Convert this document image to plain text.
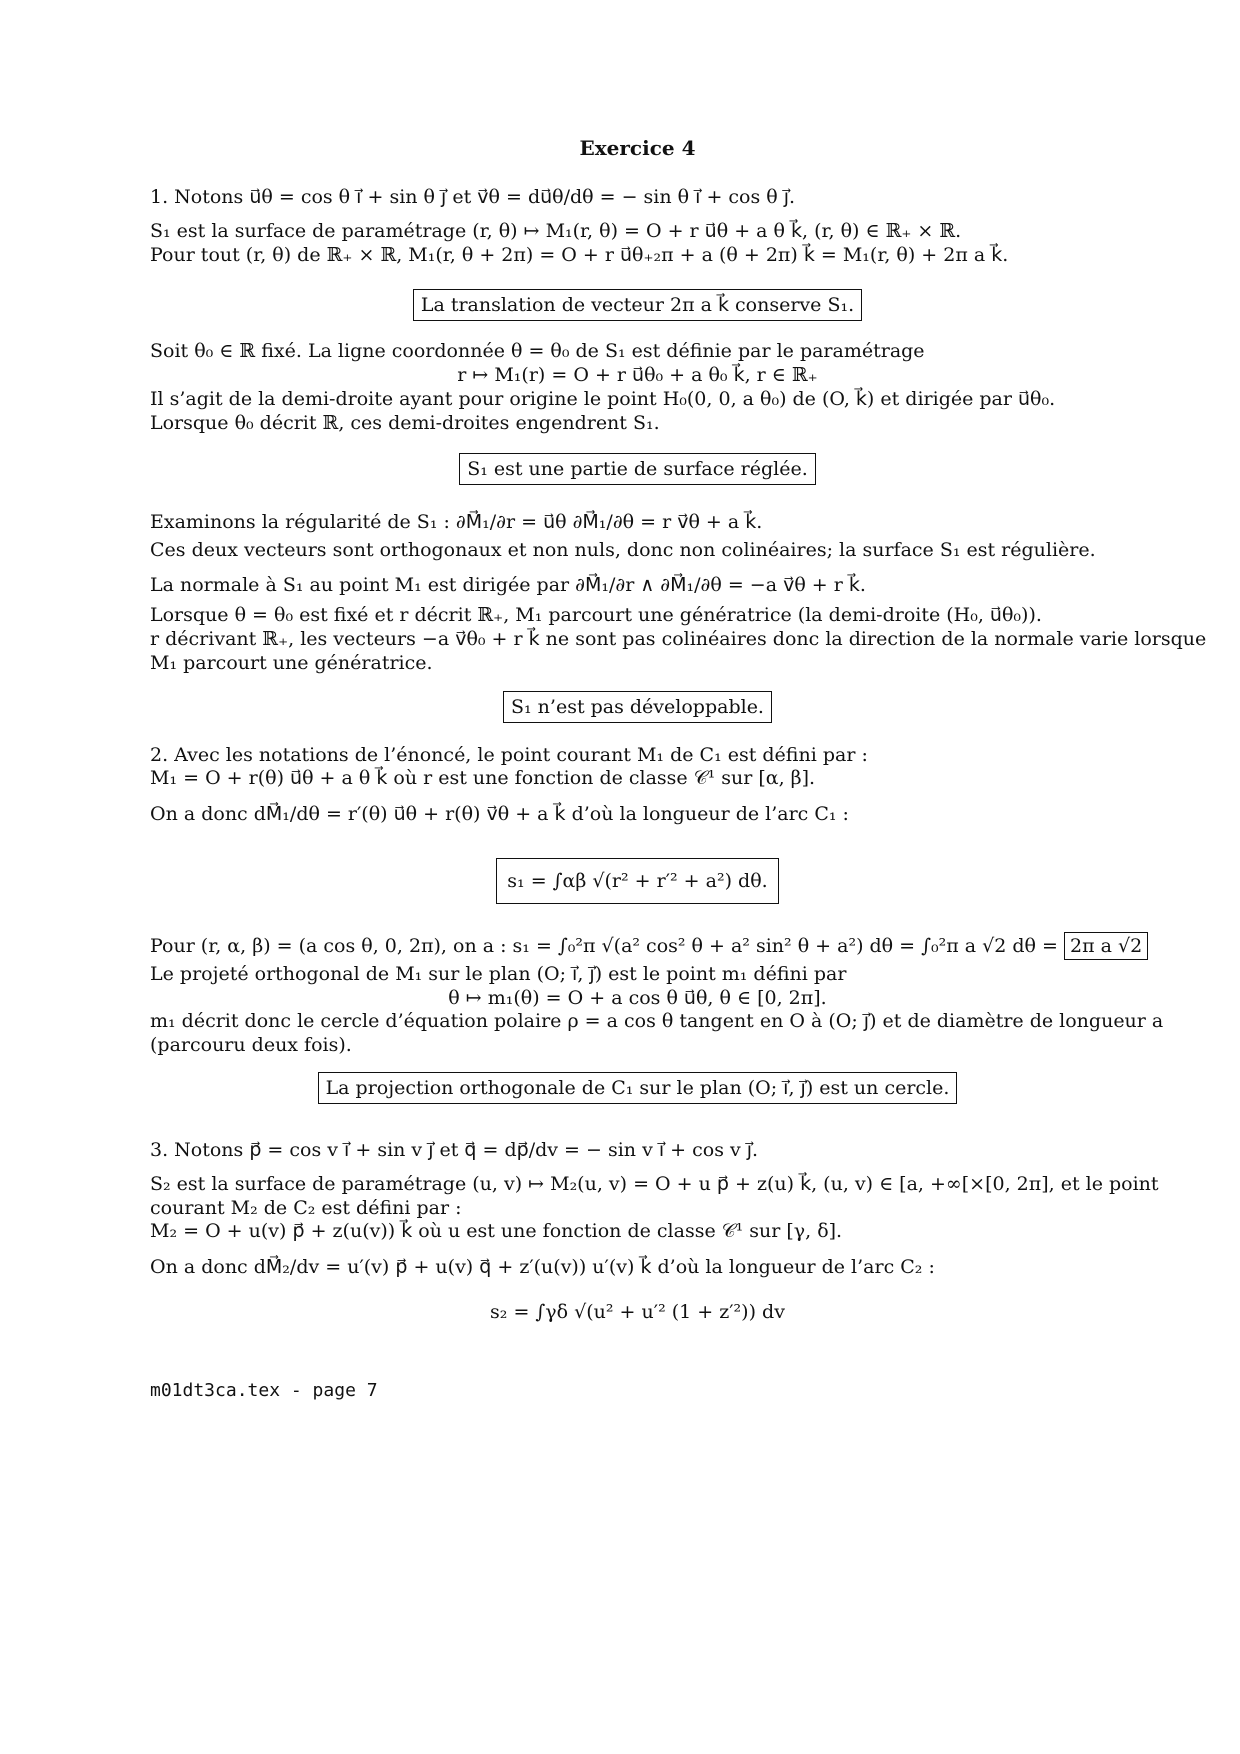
Exercice 4
1. Notons u⃗θ = cos θ ı⃗ + sin θ ȷ⃗ et v⃗θ = du⃗θ/dθ = − sin θ ı⃗ + cos θ ȷ⃗.
S₁ est la surface de paramétrage (r, θ) ↦ M₁(r, θ) = O + r u⃗θ + a θ k⃗, (r, θ) ∈ ℝ₊ × ℝ.
Pour tout (r, θ) de ℝ₊ × ℝ, M₁(r, θ + 2π) = O + r u⃗θ₊₂π + a (θ + 2π) k⃗ = M₁(r, θ) + 2π a k⃗.
La translation de vecteur 2π a k⃗ conserve S₁.
Soit θ₀ ∈ ℝ fixé. La ligne coordonnée θ = θ₀ de S₁ est définie par le paramétrage
r ↦ M₁(r) = O + r u⃗θ₀ + a θ₀ k⃗, r ∈ ℝ₊
Il s’agit de la demi-droite ayant pour origine le point H₀(0, 0, a θ₀) de (O, k⃗) et dirigée par u⃗θ₀.
Lorsque θ₀ décrit ℝ, ces demi-droites engendrent S₁.
S₁ est une partie de surface réglée.
Examinons la régularité de S₁ : ∂M⃗₁/∂r = u⃗θ ∂M⃗₁/∂θ = r v⃗θ + a k⃗.
Ces deux vecteurs sont orthogonaux et non nuls, donc non colinéaires; la surface S₁ est régulière.
La normale à S₁ au point M₁ est dirigée par ∂M⃗₁/∂r ∧ ∂M⃗₁/∂θ = −a v⃗θ + r k⃗.
Lorsque θ = θ₀ est fixé et r décrit ℝ₊, M₁ parcourt une génératrice (la demi-droite (H₀, u⃗θ₀)).
r décrivant ℝ₊, les vecteurs −a v⃗θ₀ + r k⃗ ne sont pas colinéaires donc la direction de la normale varie lorsque
M₁ parcourt une génératrice.
S₁ n’est pas développable.
2. Avec les notations de l’énoncé, le point courant M₁ de C₁ est défini par :
M₁ = O + r(θ) u⃗θ + a θ k⃗ où r est une fonction de classe 𝒞¹ sur [α, β].
On a donc dM⃗₁/dθ = r′(θ) u⃗θ + r(θ) v⃗θ + a k⃗ d’où la longueur de l’arc C₁ :
s₁ = ∫αβ √(r² + r′² + a²) dθ.
Pour (r, α, β) = (a cos θ, 0, 2π), on a : s₁ = ∫₀²π √(a² cos² θ + a² sin² θ + a²) dθ = ∫₀²π a √2 dθ = 2π a √2
Le projeté orthogonal de M₁ sur le plan (O; ı⃗, ȷ⃗) est le point m₁ défini par
θ ↦ m₁(θ) = O + a cos θ u⃗θ, θ ∈ [0, 2π].
m₁ décrit donc le cercle d’équation polaire ρ = a cos θ tangent en O à (O; ȷ⃗) et de diamètre de longueur a
(parcouru deux fois).
La projection orthogonale de C₁ sur le plan (O; ı⃗, ȷ⃗) est un cercle.
3. Notons p⃗ = cos v ı⃗ + sin v ȷ⃗ et q⃗ = dp⃗/dv = − sin v ı⃗ + cos v ȷ⃗.
S₂ est la surface de paramétrage (u, v) ↦ M₂(u, v) = O + u p⃗ + z(u) k⃗, (u, v) ∈ [a, +∞[×[0, 2π], et le point
courant M₂ de C₂ est défini par :
M₂ = O + u(v) p⃗ + z(u(v)) k⃗ où u est une fonction de classe 𝒞¹ sur [γ, δ].
On a donc dM⃗₂/dv = u′(v) p⃗ + u(v) q⃗ + z′(u(v)) u′(v) k⃗ d’où la longueur de l’arc C₂ :
s₂ = ∫γδ √(u² + u′² (1 + z′²)) dv
m01dt3ca.tex - page 7
